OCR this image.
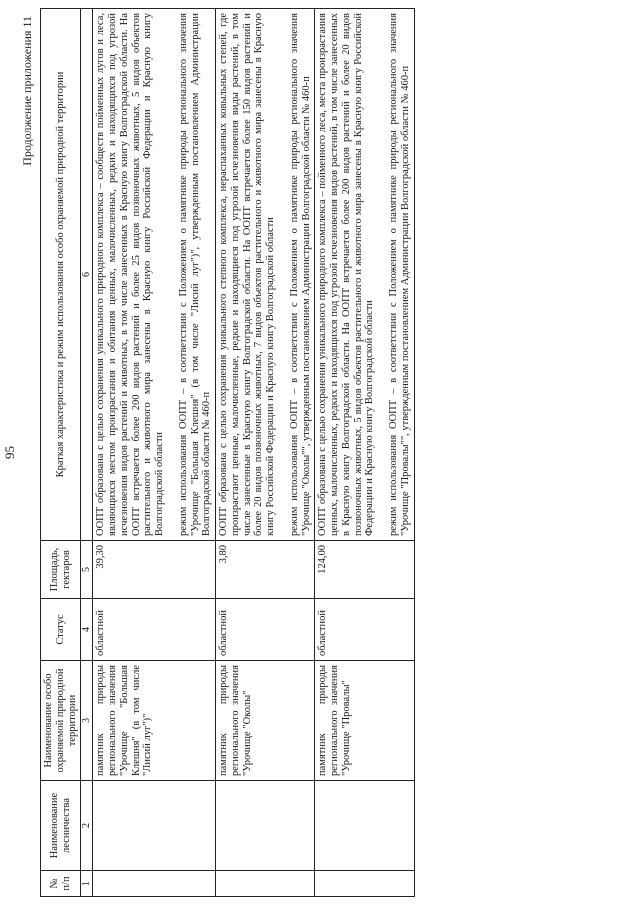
95
Продолжение приложения 11
№ п/п	Наименование лесничества	Наименование особо охраняемой природной территории	Статус	Площадь, гектаров	Краткая характеристика и режим использования особо охраняемой природной территории
1	2	3	4	5	6
		памятник природы регионального значения "Урочище "Большая Клешня" (в том числе "Лисий луг")"	областной	39,30	ООПТ образована с целью сохранения уникального природного комплекса – сообществ пойменных лугов и леса, являющихся местом произрастания и обитания ценных, малочисленных, редких и находящихся под угрозой исчезновения видов растений и животных, в том числе занесенных в Красную книгу Волгоградской области. На ООПТ встречается более 200 видов растений и более 25 видов позвоночных животных, 5 видов объектов растительного и животного мира занесены в Красную книгу Российской Федерации и Красную книгу Волгоградской области режим использования ООПТ – в соответствии с Положением о памятнике природы регионального значения "Урочище "Большая Клешня" (в том числе "Лисий луг")", утвержденным постановлением Администрации Волгоградской области № 460-п

		памятник природы регионального значения "Урочище "Околы"	областной	3,80	ООПТ образована с целью сохранения уникального степного комплекса, нераспаханных ковыльных степей, где произрастают ценные, малочисленные, редкие и находящиеся под угрозой исчезновения виды растений, в том числе занесенные в Красную книгу Волгоградской области. На ООПТ встречается более 150 видов растений и более 20 видов позвоночных животных, 7 видов объектов растительного и животного мира занесены в Красную книгу Российской Федерации и Красную книгу Волгоградской области режим использования ООПТ – в соответствии с Положением о памятнике природы регионального значения "Урочище "Околы"", утвержденным постановлением Администрации Волгоградской области № 460-п

		памятник природы регионального значения "Урочище "Провалы"	областной	124,00	ООПТ образована с целью сохранения уникального природного комплекса – пойменного леса, места произрастания ценных, малочисленных, редких и находящихся под угрозой исчезновения видов растений, в том числе занесенных в Красную книгу Волгоградской области. На ООПТ встречается более 200 видов растений и более 20 видов позвоночных животных, 5 видов объектов растительного и животного мира занесены в Красную книгу Российской Федерации и Красную книгу Волгоградской области режим использования ООПТ – в соответствии с Положением о памятнике природы регионального значения "Урочище "Провалы"", утвержденным постановлением Администрации Волгоградской области № 460-п
